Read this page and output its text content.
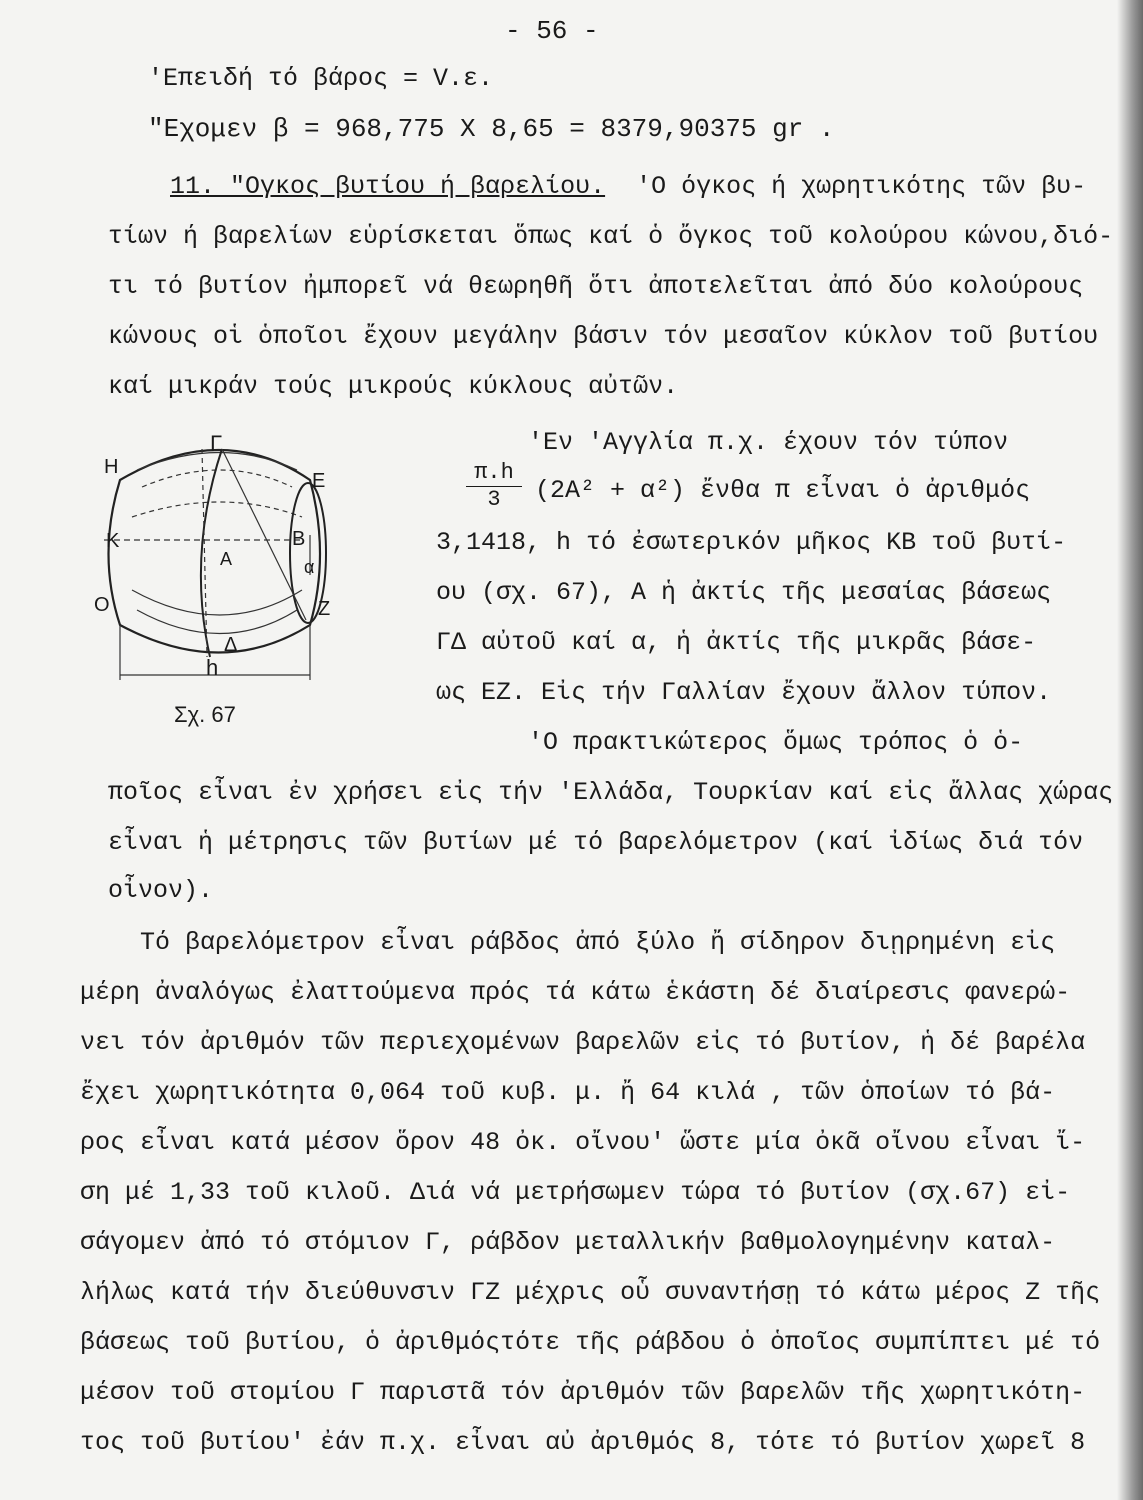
- 56 -
'Επειδή τό βάρος = V.ε.
"Εχομεν β = 968,775 X 8,65 = 8379,90375 gr .
11. "Ογκος βυτίου ή βαρελίου. 'Ο όγκος ή χωρητικότης τῶν βυ-
τίων ή βαρελίων εὑρίσκεται ὅπως καί ὁ ὄγκος τοῦ κολούρου κώνου,διό-
τι τό βυτίον ἠμπορεῖ νά θεωρηθῆ ὅτι ἀποτελεῖται ἀπό δύο κολούρους
κώνους οἱ ὁποῖοι ἔχουν μεγάλην βάσιν τόν μεσαῖον κύκλον τοῦ βυτίου
καί μικράν τούς μικρούς κύκλους αὐτῶν.
Γ
Η
Ε
Κ	Β
α
Α
Ο	Ζ
Δ
h
Σχ. 67
'Εν 'Αγγλία π.χ. έχουν τόν τύπον
$\frac{\pi.h}{3} (2A^2 + \alpha^2)$ ἔνθα π εἶναι ὁ ἀριθμός
3,1418, h τό ἐσωτερικόν μῆκος ΚΒ τοῦ βυτί-
ου (σχ. 67), Α ἡ ἀκτίς τῆς μεσαίας βάσεως
ΓΔ αὐτοῦ καί α, ἡ ἀκτίς τῆς μικρᾶς βάσε-
ως ΕΖ. Εἰς τήν Γαλλίαν ἔχουν ἄλλον τύπον.
'Ο πρακτικώτερος ὅμως τρόπος ὁ ὁ-
ποῖος εἶναι ἐν χρήσει εἰς τήν 'Ελλάδα, Τουρκίαν καί εἰς ἄλλας χώρας
εἶναι ἡ μέτρησις τῶν βυτίων μέ τό βαρελόμετρον (καί ἰδίως διά τόν
οἶνον).
Τό βαρελόμετρον εἶναι ράβδος ἀπό ξύλο ἤ σίδηρον διῃρημένη εἰς
μέρη ἀναλόγως ἐλαττούμενα πρός τά κάτω ἑκάστη δέ διαίρεσις φανερώ-
νει τόν ἀριθμόν τῶν περιεχομένων βαρελῶν εἰς τό βυτίον, ἡ δέ βαρέλα
ἔχει χωρητικότητα 0,064 τοῦ κυβ. μ. ἤ 64 κιλά , τῶν ὁποίων τό βά-
ρος εἶναι κατά μέσον ὅρον 48 ὀκ. οἴνου' ὥστε μία ὀκᾶ οἴνου εἶναι ἴ-
ση μέ 1,33 τοῦ κιλοῦ. Διά νά μετρήσωμεν τώρα τό βυτίον (σχ.67) εἰ-
σάγομεν ἀπό τό στόμιον Γ, ράβδον μεταλλικήν βαθμολογημένην καταλ-
λήλως κατά τήν διεύθυνσιν ΓΖ μέχρις οὗ συναντήσῃ τό κάτω μέρος Ζ τῆς
βάσεως τοῦ βυτίου, ὁ ἀριθμόςτότε τῆς ράβδου ὁ ὁποῖος συμπίπτει μέ τό
μέσον τοῦ στομίου Γ παριστᾶ τόν ἀριθμόν τῶν βαρελῶν τῆς χωρητικότη-
τος τοῦ βυτίου' ἐάν π.χ. εἶναι αὐ ἀριθμός 8, τότε τό βυτίον χωρεῖ 8
